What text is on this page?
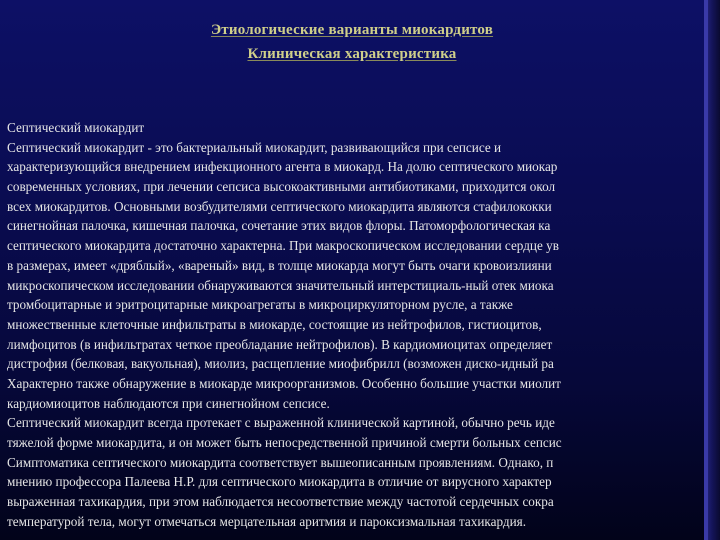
Этиологические варианты миокардитов
Клиническая характеристика
Септический миокардит
Септический миокардит - это бактериальный миокардит, развивающийся при сепсисе и
характеризующийся внедрением инфекционного агента в миокард. На долю септического миокар
современных условиях, при лечении сепсиса высокоактивными антибиотиками, приходится окол
всех миокардитов. Основными возбудителями септического миокардита являются стафилококки
синегнойная палочка, кишечная палочка, сочетание этих видов флоры. Патоморфологическая ка
септического миокардита достаточно характерна. При макроскопическом исследовании сердце ув
в размерах, имеет «дряблый», «вареный» вид, в толще миокарда могут быть очаги кровоизлияни
микроскопическом исследовании обнаруживаются значительный интерстициаль-ный отек миока
тромбоцитарные и эритроцитарные микроагрегаты в микроциркуляторном русле, а также
множественные клеточные инфильтраты в миокарде, состоящие из нейтрофилов, гистиоцитов,
лимфоцитов (в инфильтратах четкое преобладание нейтрофилов). В кардиомиоцитах определяет
дистрофия (белковая, вакуольная), миолиз, расщепление миофибрилл (возможен диско-идный ра
Характерно также обнаружение в миокарде микроорганизмов. Особенно большие участки миолит
кардиомиоцитов наблюдаются при синегнойном сепсисе.
Септический миокардит всегда протекает с выраженной клинической картиной, обычно речь иде
тяжелой форме миокардита, и он может быть непосредственной причиной смерти больных сепсис
Симптоматика септического миокардита соответствует вышеописанным проявлениям. Однако, п
мнению профессора Палеева Н.Р. для септического миокардита в отличие от вирусного характер
выраженная тахикардия, при этом наблюдается несоответствие между частотой сердечных сокра
температурой тела, могут отмечаться мерцательная аритмия и пароксизмальная тахикардия.
